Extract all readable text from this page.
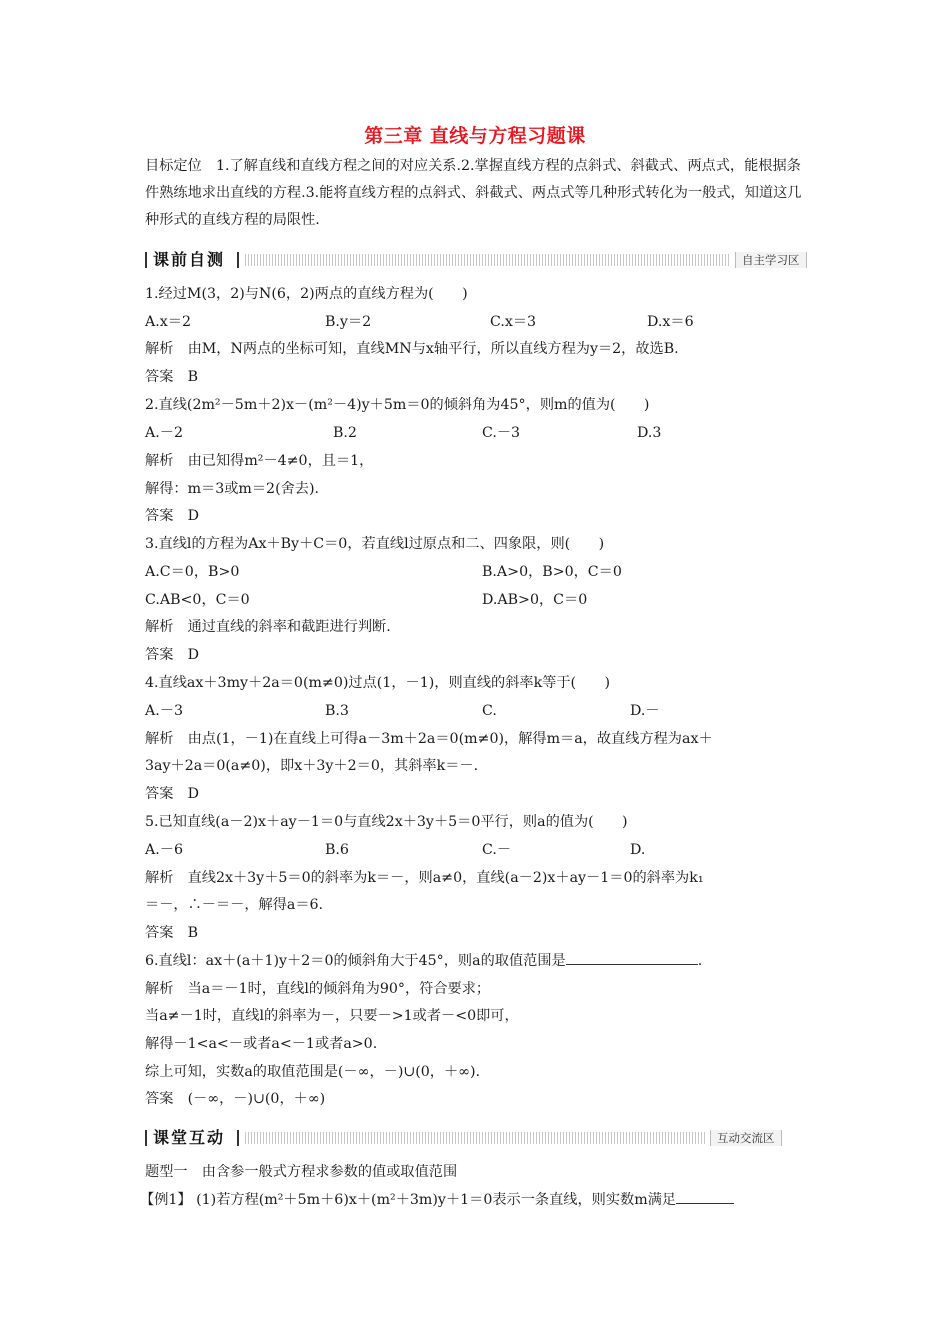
第三章 直线与方程习题课
目标定位　1.了解直线和直线方程之间的对应关系.2.掌握直线方程的点斜式、斜截式、两点式，能根据条件熟练地求出直线的方程.3.能将直线方程的点斜式、斜截式、两点式等几种形式转化为一般式，知道这几种形式的直线方程的局限性.
课前自测	自主学习区
1.经过M(3，2)与N(6，2)两点的直线方程为(　　)
A.x＝2	B.y＝2	C.x＝3	D.x＝6
解析　由M，N两点的坐标可知，直线MN与x轴平行，所以直线方程为y＝2，故选B.
答案　B
2.直线(2m²－5m＋2)x－(m²－4)y＋5m＝0的倾斜角为45°，则m的值为(　　)
A.－2	B.2	C.－3	D.3
解析　由已知得m²－4≠0，且＝1，
解得：m＝3或m＝2(舍去).
答案　D
3.直线l的方程为Ax＋By＋C＝0，若直线l过原点和二、四象限，则(　　)
A.C＝0，B>0	B.A>0，B>0，C＝0
C.AB<0，C＝0	D.AB>0，C＝0
解析　通过直线的斜率和截距进行判断.
答案　D
4.直线ax＋3my＋2a＝0(m≠0)过点(1，－1)，则直线的斜率k等于(　　)
A.－3	B.3	C.	D.－
解析　由点(1，－1)在直线上可得a－3m＋2a＝0(m≠0)，解得m＝a，故直线方程为ax＋
3ay＋2a＝0(a≠0)，即x＋3y＋2＝0，其斜率k＝－.
答案　D
5.已知直线(a－2)x＋ay－1＝0与直线2x＋3y＋5＝0平行，则a的值为(　　)
A.－6	B.6	C.－	D.
解析　直线2x＋3y＋5＝0的斜率为k＝－，则a≠0，直线(a－2)x＋ay－1＝0的斜率为k₁
＝－，∴－＝－，解得a＝6.
答案　B
6.直线l：ax＋(a＋1)y＋2＝0的倾斜角大于45°，则a的取值范围是	.
解析　当a＝－1时，直线l的倾斜角为90°，符合要求；
当a≠－1时，直线l的斜率为－，只要－>1或者－<0即可，
解得－1<a<－或者a<－1或者a>0.
综上可知，实数a的取值范围是(－∞，－)∪(0，＋∞).
答案　(－∞，－)∪(0，＋∞)
课堂互动	互动交流区
题型一　由含参一般式方程求参数的值或取值范围
【例1】 (1)若方程(m²＋5m＋6)x＋(m²＋3m)y＋1＝0表示一条直线，则实数m满足
